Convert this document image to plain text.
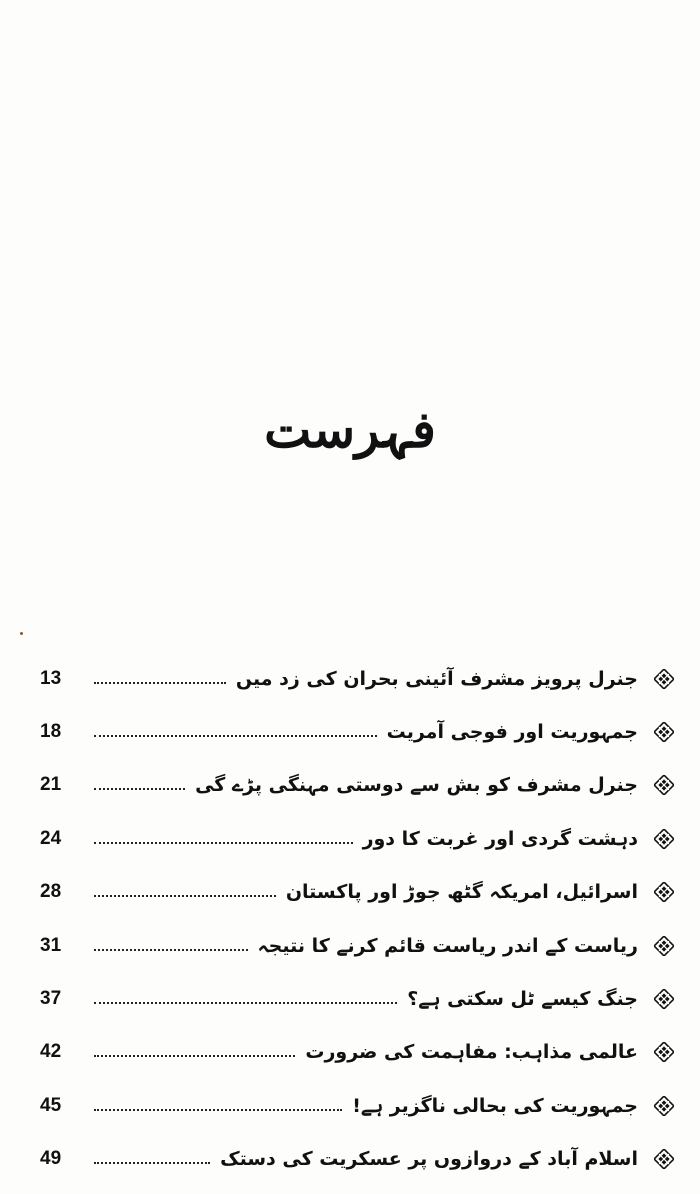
فہرست
13	جنرل پرویز مشرف آئینی بحران کی زد میں
18	جمہوریت اور فوجی آمریت
21	جنرل مشرف کو بش سے دوستی مہنگی پڑے گی
24	دہشت گردی اور غربت کا دور
28	اسرائیل، امریکہ گٹھ جوڑ اور پاکستان
31	ریاست کے اندر ریاست قائم کرنے کا نتیجہ
37	جنگ کیسے ٹل سکتی ہے؟
42	عالمی مذاہب: مفاہمت کی ضرورت
45	جمہوریت کی بحالی ناگزیر ہے!
49	اسلام آباد کے دروازوں پر عسکریت کی دستک
